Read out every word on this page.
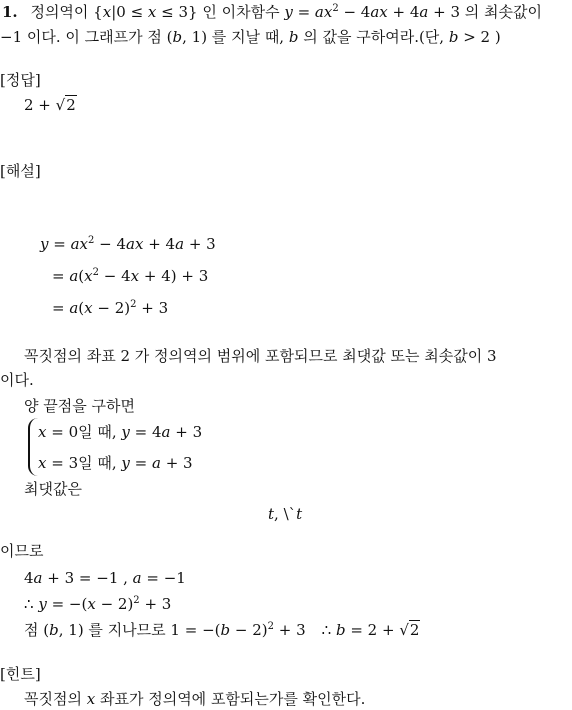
1. 정의역이 {x|0 ≤ x ≤ 3} 인 이차함수 $y = ax^2 - 4ax + 4a + 3$ 의 최솟값이
−1 이다. 이 그래프가 점 (b, 1) 를 지날 때, b 의 값을 구하여라.(단, b > 2 )
[정답]
2 + √2
[해설]
$y = ax^2 - 4ax + 4a + 3$
= $a(x^2 - 4x + 4) + 3$
= $a(x - 2)^2 + 3$
꼭짓점의 좌표 2 가 정의역의 범위에 포함되므로 최댓값 또는 최솟값이 3
이다.
양 끝점을 구하면
x = 0일 때, y = 4a + 3
x = 3일 때, y = a + 3
최댓값은
t, \`t
이므로
4a + 3 = −1 , a = −1
∴ $y = -(x - 2)^2 + 3$
점 (b, 1) 를 지나므로 $1 = -(b - 2)^2 + 3$ ∴ b = 2 + √2
[힌트]
꼭짓점의 x 좌표가 정의역에 포함되는가를 확인한다.
